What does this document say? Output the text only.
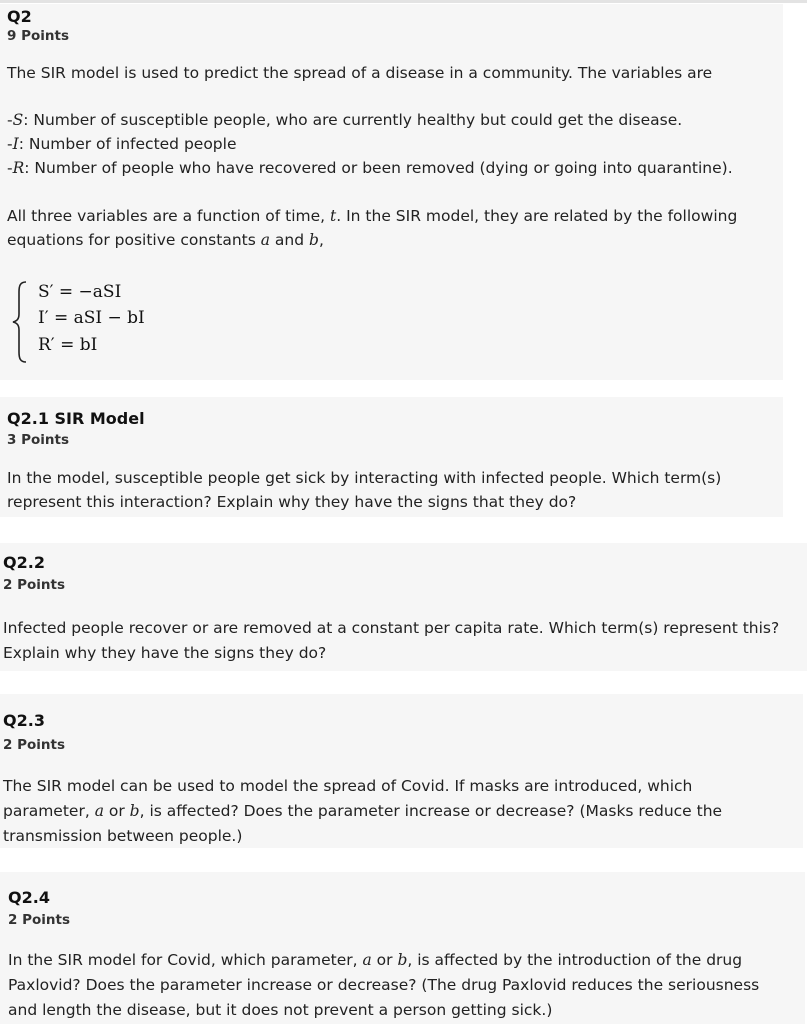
Q2
9 Points

The SIR model is used to predict the spread of a disease in a community. The variables are

-S: Number of susceptible people, who are currently healthy but could get the disease.

-I: Number of infected people

-R: Number of people who have recovered or been removed (dying or going into quarantine).

All three variables are a function of time, t. In the SIR model, they are related by the following

equations for positive constants a and b,

S′ = −aSI
I′ = aSI − bI
R′ = bI
Q2.1 SIR Model
3 Points

In the model, susceptible people get sick by interacting with infected people. Which term(s)

represent this interaction? Explain why they have the signs that they do?

Q2.2
2 Points

Infected people recover or are removed at a constant per capita rate. Which term(s) represent this?

Explain why they have the signs they do?

Q2.3
2 Points

The SIR model can be used to model the spread of Covid. If masks are introduced, which

parameter, a or b, is affected? Does the parameter increase or decrease? (Masks reduce the

transmission between people.)

Q2.4
2 Points

In the SIR model for Covid, which parameter, a or b, is affected by the introduction of the drug

Paxlovid? Does the parameter increase or decrease? (The drug Paxlovid reduces the seriousness

and length the disease, but it does not prevent a person getting sick.)
